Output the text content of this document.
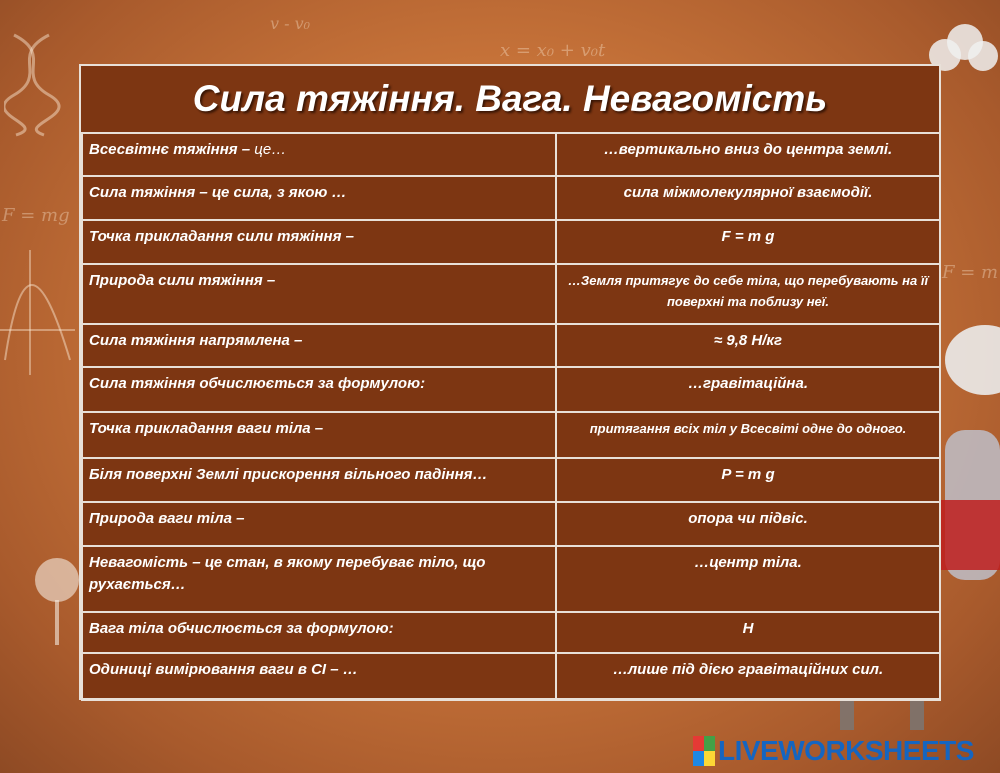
x = x₀ + v₀t
v - v₀
F = mg
F = m
Сила тяжіння. Вага. Невагомість
Всесвітнє тяжіння – це…	…вертикально вниз до центра землі.
Сила тяжіння – це сила, з якою …	сила міжмолекулярної взаємодії.
Точка прикладання сили тяжіння –	F = m g
Природа сили тяжіння –	…Земля притягує до себе тіла, що перебувають на її поверхні та поблизу неї.
Сила тяжіння напрямлена –	≈ 9,8 Н/кг
Сила тяжіння обчислюється за формулою:	…гравітаційна.
Точка прикладання ваги тіла –	притягання всіх тіл у Всесвіті одне до одного.
Біля поверхні Землі прискорення вільного падіння…	P = m g
Природа ваги тіла –	опора чи підвіс.
Невагомість – це стан, в якому перебуває тіло, що рухається…	…центр тіла.
Вага тіла обчислюється за формулою:	Н
Одиниці вимірювання ваги в СІ – …	…лише під дією гравітаційних сил.
LIVEWORKSHEETS
